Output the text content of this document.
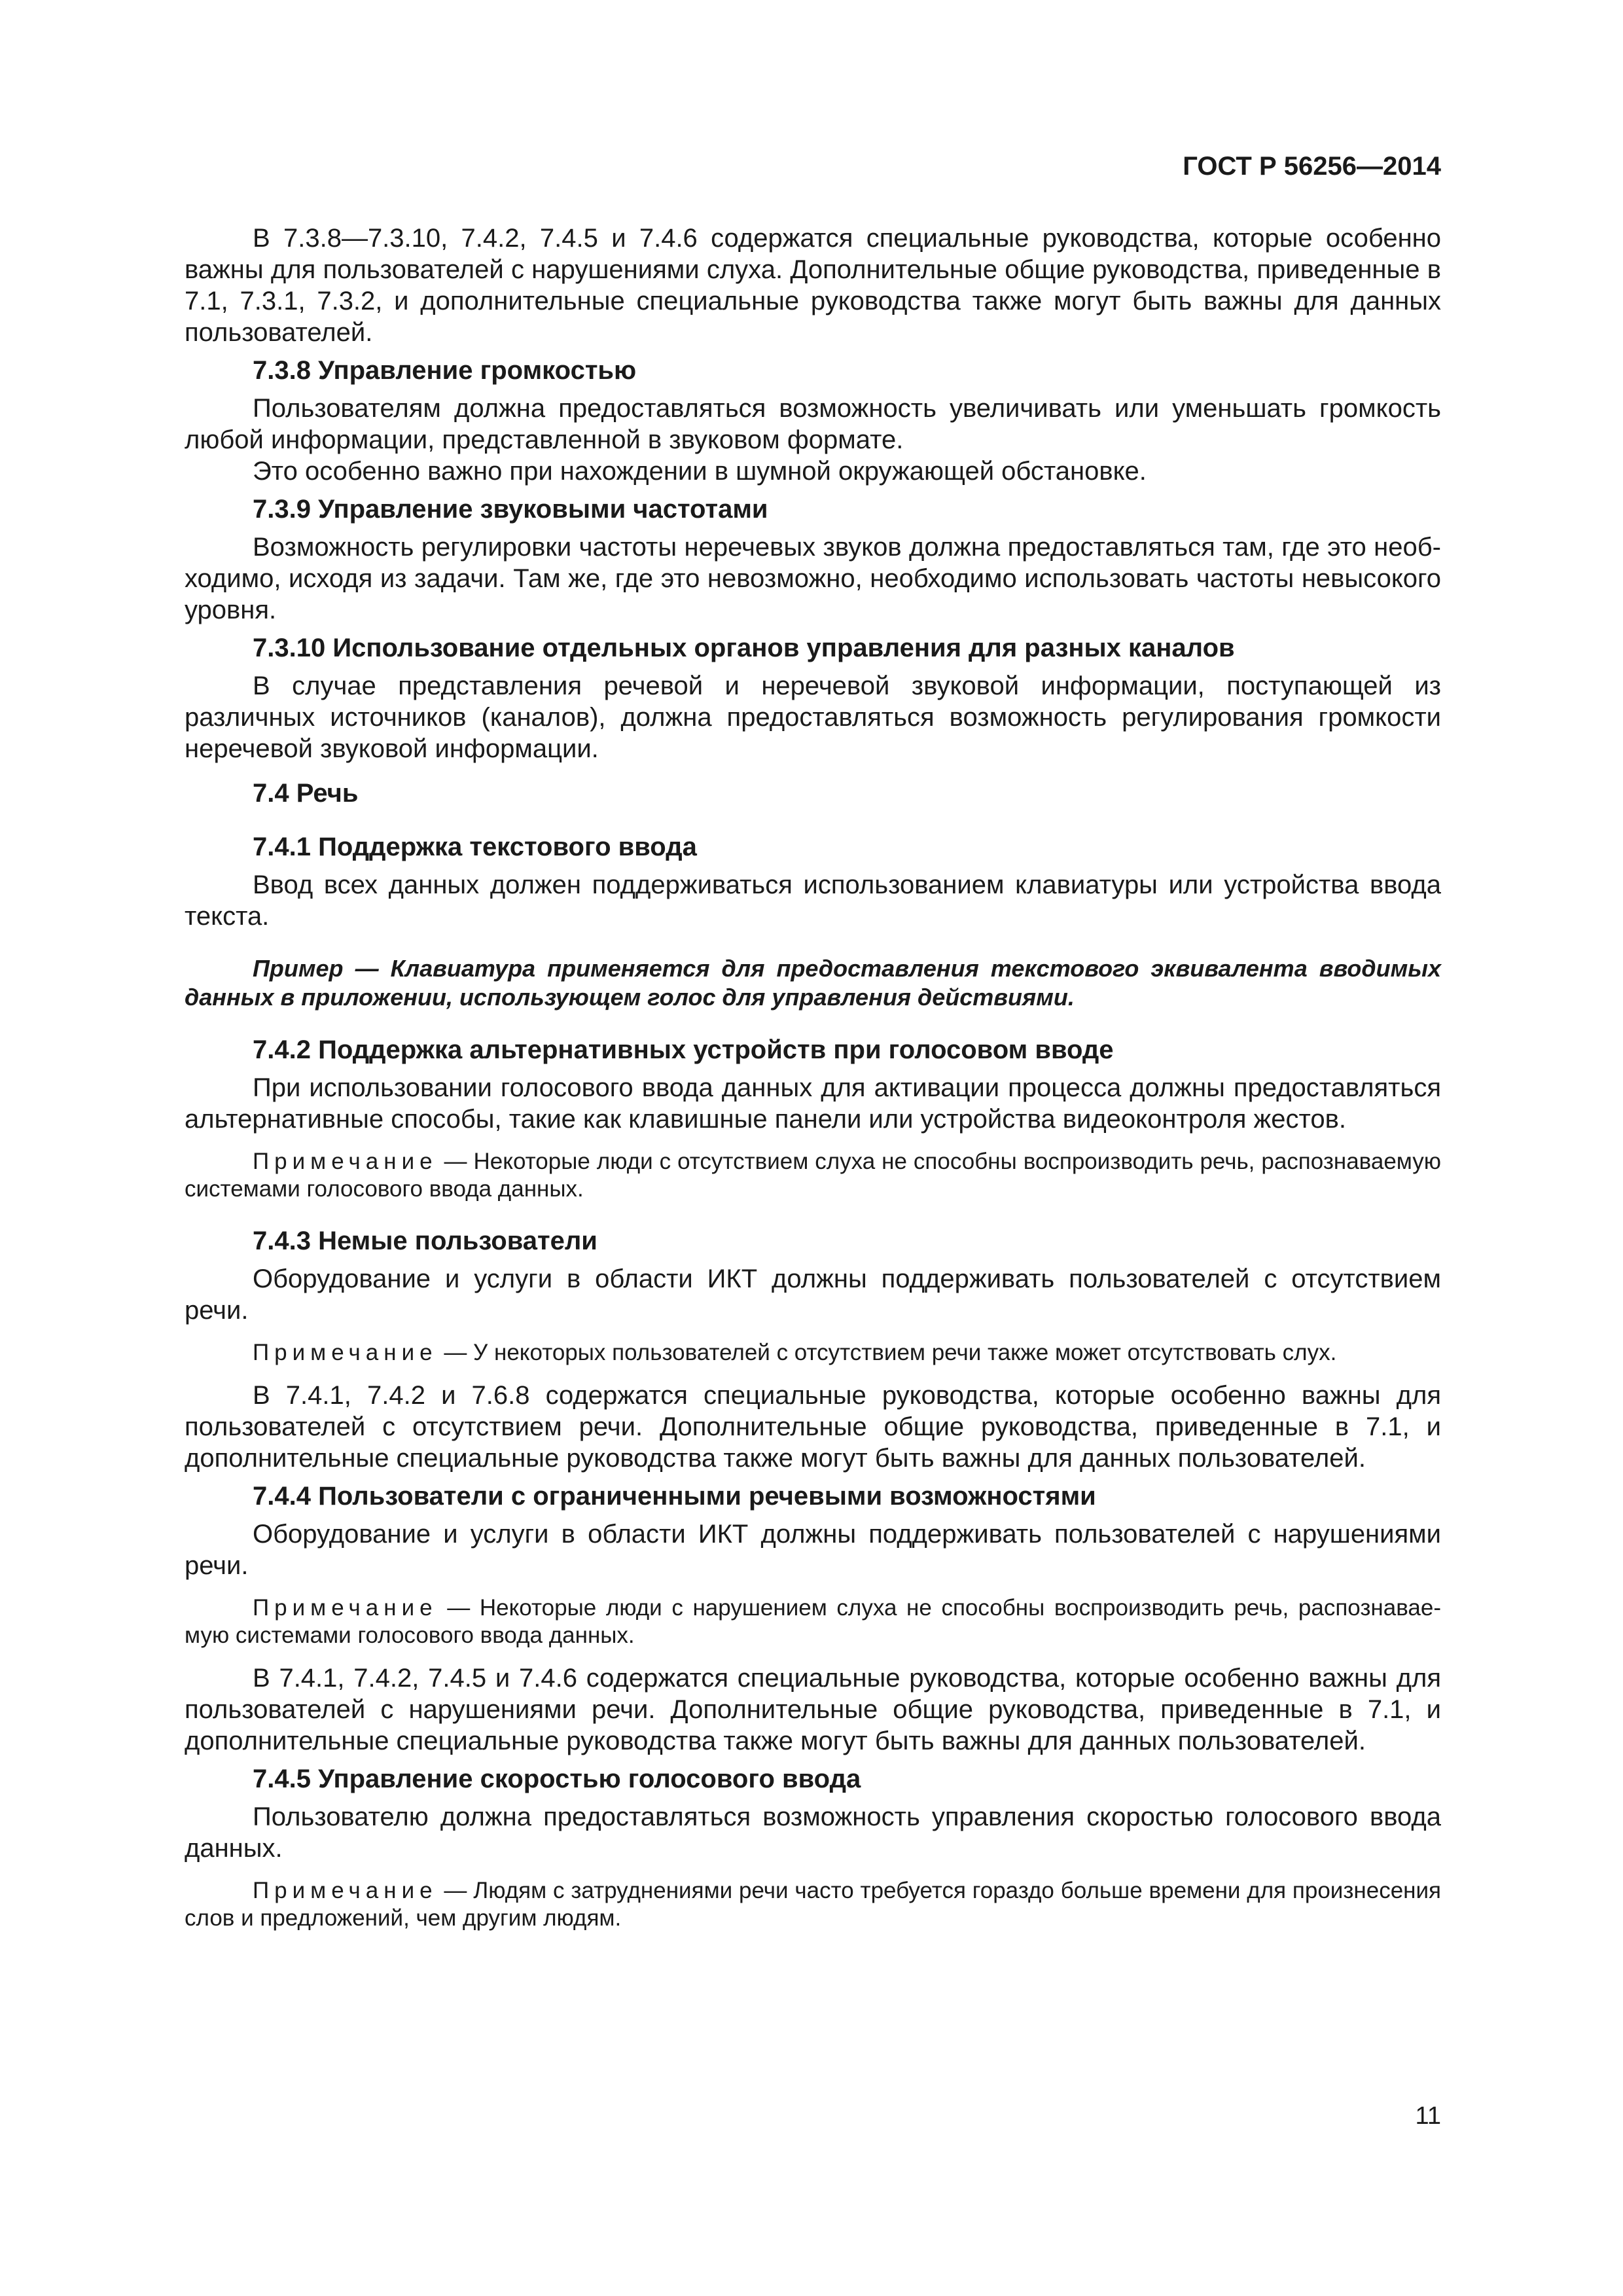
ГОСТ Р 56256—2014

В 7.3.8—7.3.10, 7.4.2, 7.4.5 и 7.4.6 содержатся специальные руководства, которые особенно важны для пользователей с нарушениями слуха. Дополнительные общие руководства, приведенные в 7.1, 7.3.1, 7.3.2, и дополнительные специальные руководства также могут быть важны для данных пользователей.

7.3.8 Управление громкостью

Пользователям должна предоставляться возможность увеличивать или уменьшать громкость любой информации, представленной в звуковом формате.

Это особенно важно при нахождении в шумной окружающей обстановке.

7.3.9 Управление звуковыми частотами

Возможность регулировки частоты неречевых звуков должна предоставляться там, где это необходимо, исходя из задачи. Там же, где это невозможно, необходимо использовать частоты невысокого уровня.

7.3.10 Использование отдельных органов управления для разных каналов

В случае представления речевой и неречевой звуковой информации, поступающей из различных источников (каналов), должна предоставляться возможность регулирования громкости неречевой звуковой информации.

7.4 Речь

7.4.1 Поддержка текстового ввода

Ввод всех данных должен поддерживаться использованием клавиатуры или устройства ввода текста.

Пример — Клавиатура применяется для предоставления текстового эквивалента вводимых данных в приложении, использующем голос для управления действиями.

7.4.2 Поддержка альтернативных устройств при голосовом вводе

При использовании голосового ввода данных для активации процесса должны предоставляться альтернативные способы, такие как клавишные панели или устройства видеоконтроля жестов.

Примечание — Некоторые люди с отсутствием слуха не способны воспроизводить речь, распознаваемую системами голосового ввода данных.

7.4.3 Немые пользователи

Оборудование и услуги в области ИКТ должны поддерживать пользователей с отсутствием речи.

Примечание — У некоторых пользователей с отсутствием речи также может отсутствовать слух.

В 7.4.1, 7.4.2 и 7.6.8 содержатся специальные руководства, которые особенно важны для пользователей с отсутствием речи. Дополнительные общие руководства, приведенные в 7.1, и дополнительные специальные руководства также могут быть важны для данных пользователей.

7.4.4 Пользователи с ограниченными речевыми возможностями

Оборудование и услуги в области ИКТ должны поддерживать пользователей с нарушениями речи.

Примечание — Некоторые люди с нарушением слуха не способны воспроизводить речь, распознаваемую системами голосового ввода данных.

В 7.4.1, 7.4.2, 7.4.5 и 7.4.6 содержатся специальные руководства, которые особенно важны для пользователей с нарушениями речи. Дополнительные общие руководства, приведенные в 7.1, и дополнительные специальные руководства также могут быть важны для данных пользователей.

7.4.5 Управление скоростью голосового ввода

Пользователю должна предоставляться возможность управления скоростью голосового ввода данных.

Примечание — Людям с затруднениями речи часто требуется гораздо больше времени для произнесения слов и предложений, чем другим людям.

11
